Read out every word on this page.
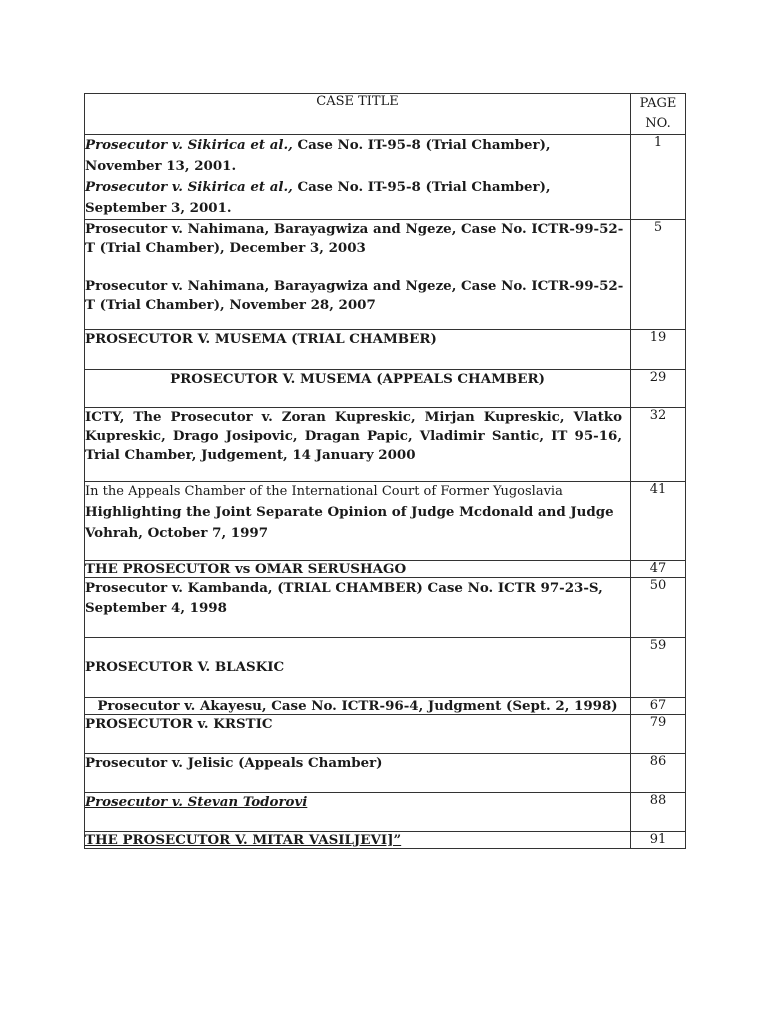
CASE TITLE	PAGE
NO.

Prosecutor v. Sikirica et al., Case No. IT-95-8 (Trial Chamber), November 13, 2001.
Prosecutor v. Sikirica et al., Case No. IT-95-8 (Trial Chamber), September 3, 2001.	1

Prosecutor v. Nahimana, Barayagwiza and Ngeze, Case No. ICTR-99-52-T (Trial Chamber), December 3, 2003
Prosecutor v. Nahimana, Barayagwiza and Ngeze, Case No. ICTR-99-52-T (Trial Chamber), November 28, 2007	5
PROSECUTOR V. MUSEMA (TRIAL CHAMBER)	19
PROSECUTOR V. MUSEMA (APPEALS CHAMBER)	29
ICTY, The Prosecutor v. Zoran Kupreskic, Mirjan Kupreskic, Vlatko Kupreskic, Drago Josipovic, Dragan Papic, Vladimir Santic, IT 95-16, Trial Chamber, Judgement, 14 January 2000	32

In the Appeals Chamber of the International Court of Former Yugoslavia
Highlighting the Joint Separate Opinion of Judge Mcdonald and Judge Vohrah, October 7, 1997	41
THE PROSECUTOR vs OMAR SERUSHAGO	47
Prosecutor v. Kambanda, (TRIAL CHAMBER) Case No. ICTR 97-23-S, September 4, 1998	50
PROSECUTOR V. BLASKIC	59
Prosecutor v. Akayesu, Case No. ICTR-96-4, Judgment (Sept. 2, 1998)	67
PROSECUTOR v. KRSTIC	79
Prosecutor v. Jelisic (Appeals Chamber)	86
Prosecutor v. Stevan Todorovi	88
THE PROSECUTOR V. MITAR VASILJEVI]”	91
